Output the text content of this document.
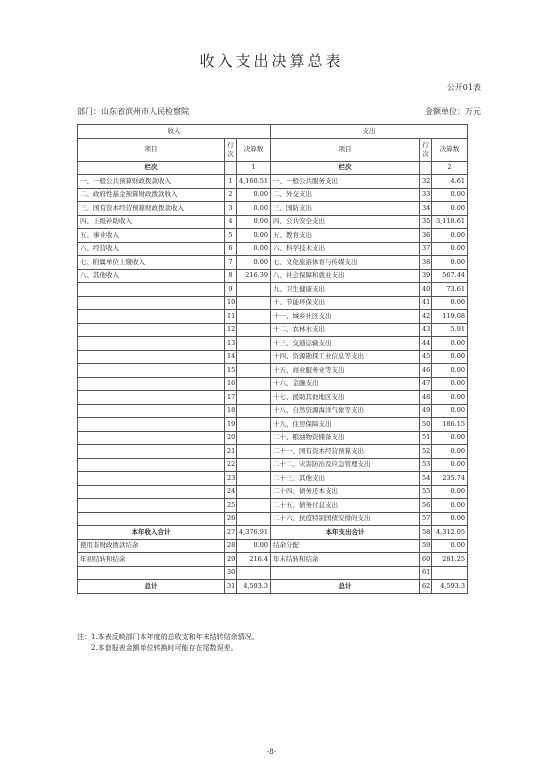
收入支出决算总表
公开01表
部门：山东省滨州市人民检察院	金额单位：万元
收入			支出		
项目	行次	决算数	项目	行次	决算数
栏次		1	栏次		2
一、一般公共预算财政拨款收入	1	4,160.51	一、一般公共服务支出	32	4.61
二、政府性基金预算财政拨款收入	2	0.00	二、外交支出	33	0.00
三、国有资本经营预算财政拨款收入	3	0.00	三、国防支出	34	0.00
四、上级补助收入	4	0.00	四、公共安全支出	35	3,118.61
五、事业收入	5	0.00	五、教育支出	36	0.00
六、经营收入	6	0.00	六、科学技术支出	37	0.00
七、附属单位上缴收入	7	0.00	七、文化旅游体育与传媒支出	38	0.00
八、其他收入	8	216.39	八、社会保障和就业支出	39	567.44
	9		九、卫生健康支出	40	73.61
	10		十、节能环保支出	41	0.00
	11		十一、城乡社区支出	42	119.08
	12		十二、农林水支出	43	5.91
	13		十三、交通运输支出	44	0.00
	14		十四、资源勘探工业信息等支出	45	0.00
	15		十五、商业服务业等支出	46	0.00
	16		十六、金融支出	47	0.00
	17		十七、援助其他地区支出	48	0.00
	18		十八、自然资源海洋气象等支出	49	0.00
	19		十九、住房保障支出	50	186.15
	20		二十、粮油物资储备支出	51	0.00
	21		二十一、国有资本经营预算支出	52	0.00
	22		二十二、灾害防治及应急管理支出	53	0.00
	23		二十三、其他支出	54	235.74
	24		二十四、债务还本支出	55	0.00
	25		二十五、债务付息支出	56	0.00
	26		二十六、抗疫特别国债安排的支出	57	0.00
本年收入合计	27	4,376.91	本年支出合计	58	4,312.05
使用非财政拨款结余	28	0.00	结余分配	59	0.00
年初结转和结余	29	216.4	年末结转和结余	60	281.25
	30			61	
总计	31	4,593.3	总计	62	4,593.3
注：1.本表反映部门本年度的总收支和年末结转结余情况。
2.本套报表金额单位转换时可能存在尾数误差。
-8-
